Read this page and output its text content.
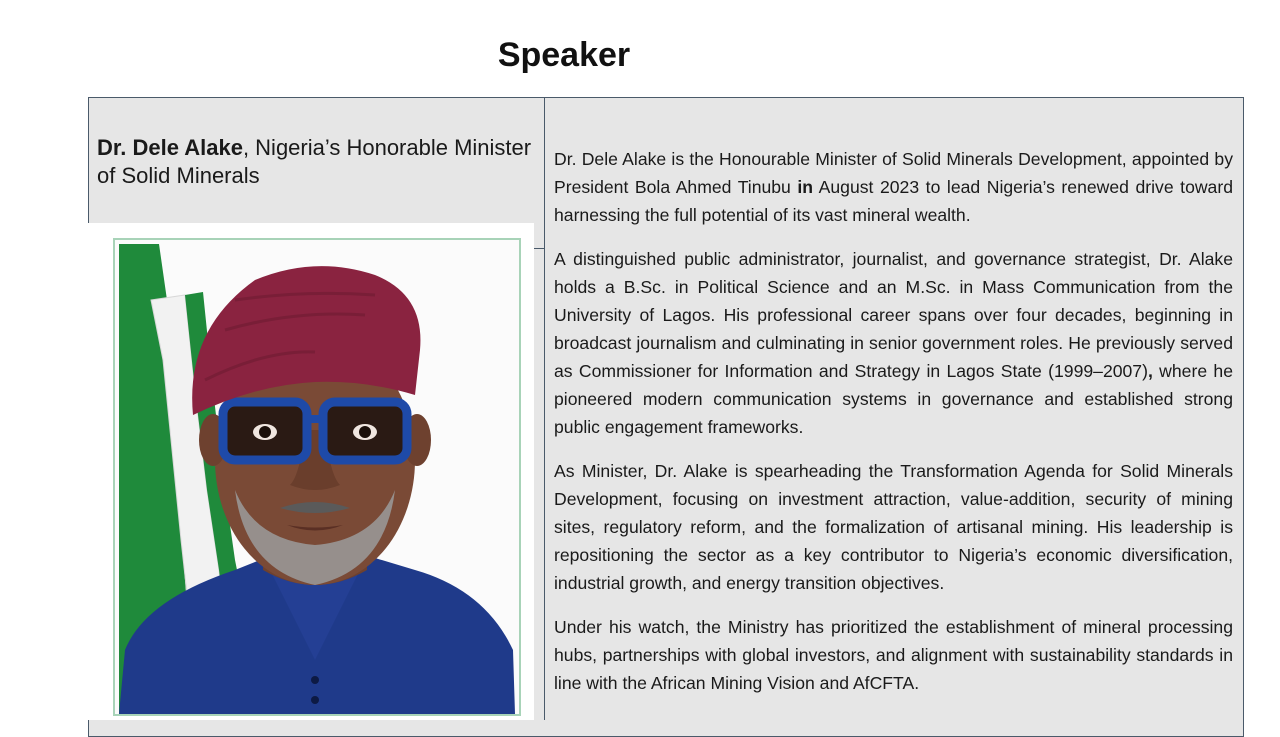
Speaker
Dr. Dele Alake, Nigeria’s Honorable Minister of Solid Minerals

Dr. Dele Alake is the Honourable Minister of Solid Minerals Development, appointed by President Bola Ahmed Tinubu in August 2023 to lead Nigeria’s renewed drive toward harnessing the full potential of its vast mineral wealth.

A distinguished public administrator, journalist, and governance strategist, Dr. Alake holds a B.Sc. in Political Science and an M.Sc. in Mass Communication from the University of Lagos. His professional career spans over four decades, beginning in broadcast journalism and culminating in senior government roles. He previously served as Commissioner for Information and Strategy in Lagos State (1999–2007), where he pioneered modern communication systems in governance and established strong public engagement frameworks.

As Minister, Dr. Alake is spearheading the Transformation Agenda for Solid Minerals Development, focusing on investment attraction, value-addition, security of mining sites, regulatory reform, and the formalization of artisanal mining. His leadership is repositioning the sector as a key contributor to Nigeria’s economic diversification, industrial growth, and energy transition objectives.

Under his watch, the Ministry has prioritized the establishment of mineral processing hubs, partnerships with global investors, and alignment with sustainability standards in line with the African Mining Vision and AfCFTA.
